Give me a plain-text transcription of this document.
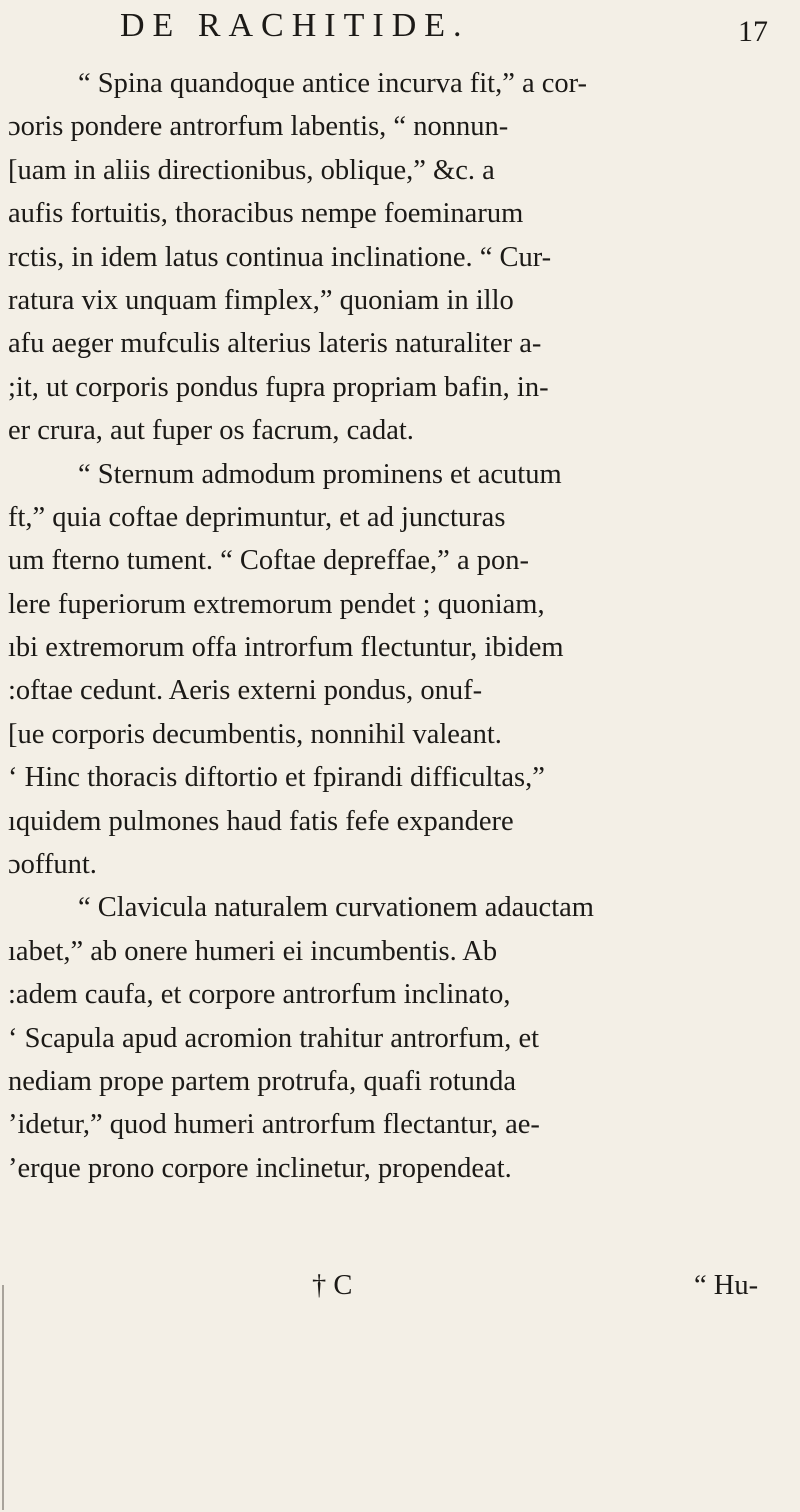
DE RACHITIDE.	17
“ Spina quandoque antice incurva fit,” a cor-
ɔoris pondere antrorfum labentis, “ nonnun-
[uam in aliis directionibus, oblique,” &c. a
aufis fortuitis, thoracibus nempe foeminarum
rctis, in idem latus continua inclinatione. “ Cur-
ratura vix unquam fimplex,” quoniam in illo
afu aeger mufculis alterius lateris naturaliter a-
;it, ut corporis pondus fupra propriam bafin, in-
er crura, aut fuper os facrum, cadat.
“ Sternum admodum prominens et acutum
ft,” quia coftae deprimuntur, et ad juncturas
um fterno tument. “ Coftae depreffae,” a pon-
lere fuperiorum extremorum pendet ; quoniam,
ıbi extremorum offa introrfum flectuntur, ibidem
:oftae cedunt. Aeris externi pondus, onuf-
[ue corporis decumbentis, nonnihil valeant.
‘ Hinc thoracis diftortio et fpirandi difficultas,”
ıquidem pulmones haud fatis fefe expandere
ɔoffunt.
“ Clavicula naturalem curvationem adauctam
ıabet,” ab onere humeri ei incumbentis. Ab
:adem caufa, et corpore antrorfum inclinato,
‘ Scapula apud acromion trahitur antrorfum, et
nediam prope partem protrufa, quafi rotunda
ʼidetur,” quod humeri antrorfum flectantur, ae-
ʼerque prono corpore inclinetur, propendeat.
† C	“ Hu-
